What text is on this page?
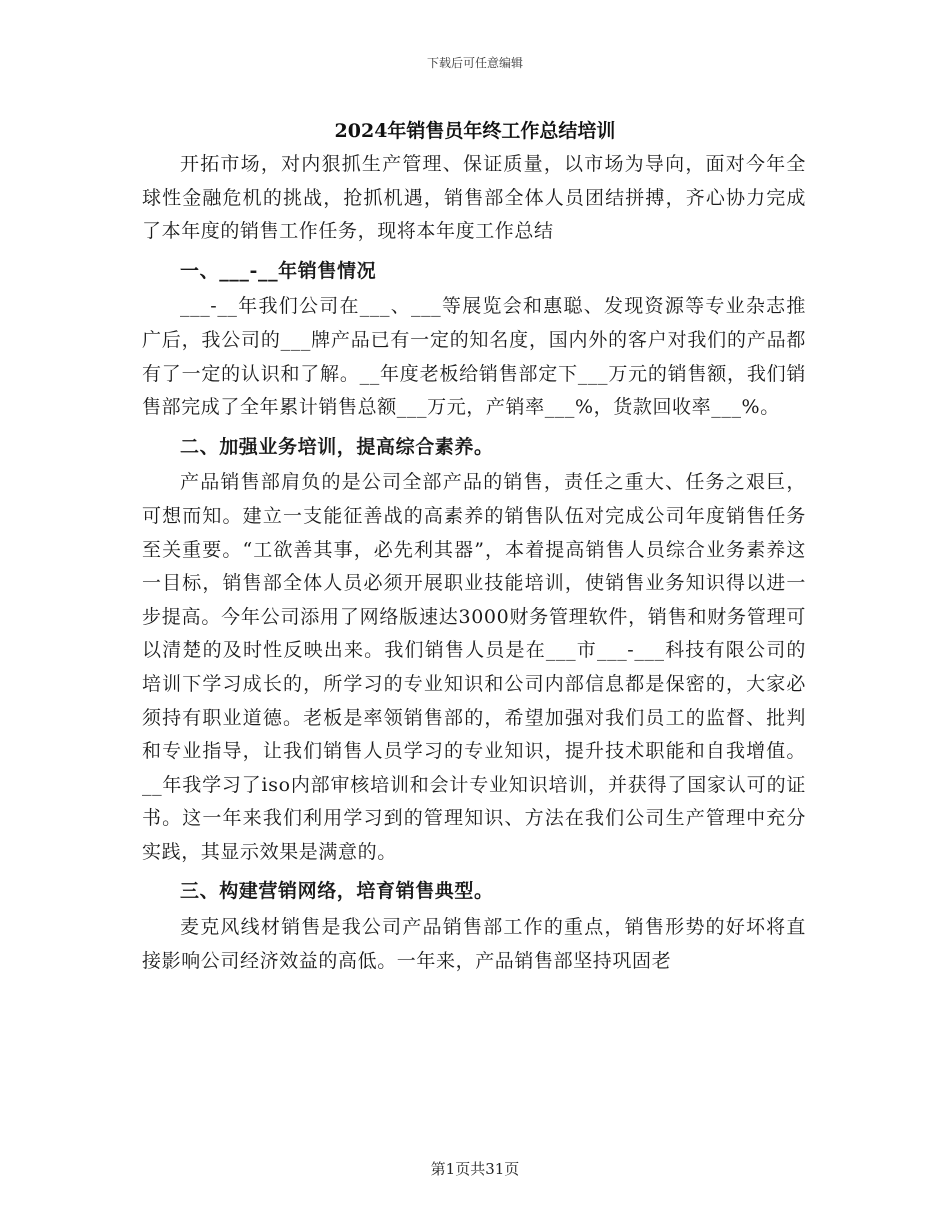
下载后可任意编辑
2024年销售员年终工作总结培训

开拓市场，对内狠抓生产管理、保证质量，以市场为导向，面对今年全球性金融危机的挑战，抢抓机遇，销售部全体人员团结拼搏，齐心协力完成了本年度的销售工作任务，现将本年度工作总结

一、___-__年销售情况

___-__年我们公司在___、___等展览会和惠聪、发现资源等专业杂志推广后，我公司的___牌产品已有一定的知名度，国内外的客户对我们的产品都有了一定的认识和了解。__年度老板给销售部定下___万元的销售额，我们销售部完成了全年累计销售总额___万元，产销率___%，货款回收率___%。

二、加强业务培训，提高综合素养。

产品销售部肩负的是公司全部产品的销售，责任之重大、任务之艰巨，可想而知。建立一支能征善战的高素养的销售队伍对完成公司年度销售任务至关重要。“工欲善其事，必先利其器”，本着提高销售人员综合业务素养这一目标，销售部全体人员必须开展职业技能培训，使销售业务知识得以进一步提高。今年公司添用了网络版速达3000财务管理软件，销售和财务管理可以清楚的及时性反映出来。我们销售人员是在___市___-___科技有限公司的培训下学习成长的，所学习的专业知识和公司内部信息都是保密的，大家必须持有职业道德。老板是率领销售部的，希望加强对我们员工的监督、批判和专业指导，让我们销售人员学习的专业知识，提升技术职能和自我增值。__年我学习了iso内部审核培训和会计专业知识培训，并获得了国家认可的证书。这一年来我们利用学习到的管理知识、方法在我们公司生产管理中充分实践，其显示效果是满意的。

三、构建营销网络，培育销售典型。

麦克风线材销售是我公司产品销售部工作的重点，销售形势的好坏将直接影响公司经济效益的高低。一年来，产品销售部坚持巩固老

第1页共31页
